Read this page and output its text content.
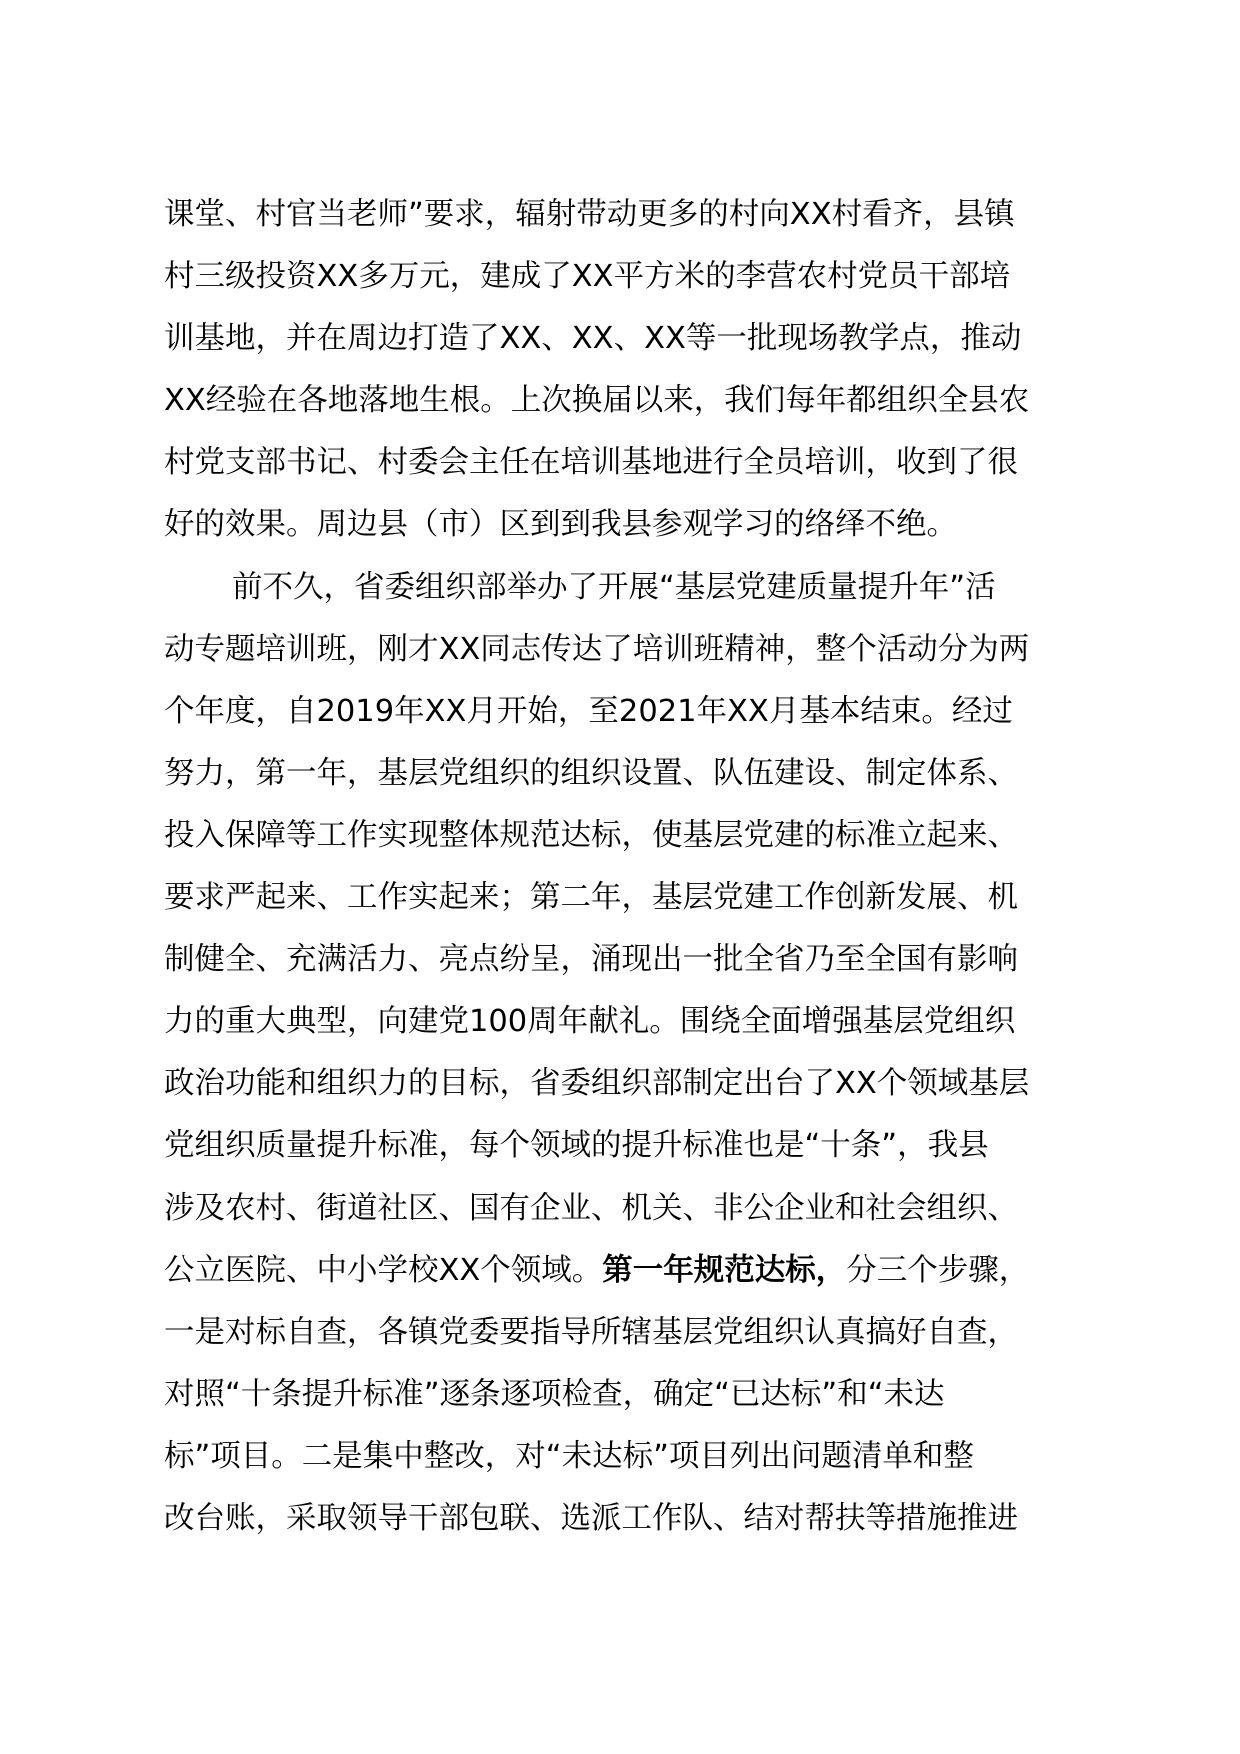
课堂、村官当老师”要求，辐射带动更多的村向XX村看齐，县镇
村三级投资XX多万元，建成了XX平方米的李营农村党员干部培
训基地，并在周边打造了XX、XX、XX等一批现场教学点，推动
XX经验在各地落地生根。上次换届以来，我们每年都组织全县农
村党支部书记、村委会主任在培训基地进行全员培训，收到了很
好的效果。周边县（市）区到到我县参观学习的络绎不绝。
前不久，省委组织部举办了开展“基层党建质量提升年”活
动专题培训班，刚才XX同志传达了培训班精神，整个活动分为两
个年度，自2019年XX月开始，至2021年XX月基本结束。经过
努力，第一年，基层党组织的组织设置、队伍建设、制定体系、
投入保障等工作实现整体规范达标，使基层党建的标准立起来、
要求严起来、工作实起来；第二年，基层党建工作创新发展、机
制健全、充满活力、亮点纷呈，涌现出一批全省乃至全国有影响
力的重大典型，向建党100周年献礼。围绕全面增强基层党组织
政治功能和组织力的目标，省委组织部制定出台了XX个领域基层
党组织质量提升标准，每个领域的提升标准也是“十条”，我县
涉及农村、街道社区、国有企业、机关、非公企业和社会组织、
公立医院、中小学校XX个领域。第一年规范达标，分三个步骤，
一是对标自查，各镇党委要指导所辖基层党组织认真搞好自查，
对照“十条提升标准”逐条逐项检查，确定“已达标”和“未达
标”项目。二是集中整改，对“未达标”项目列出问题清单和整
改台账，采取领导干部包联、选派工作队、结对帮扶等措施推进
